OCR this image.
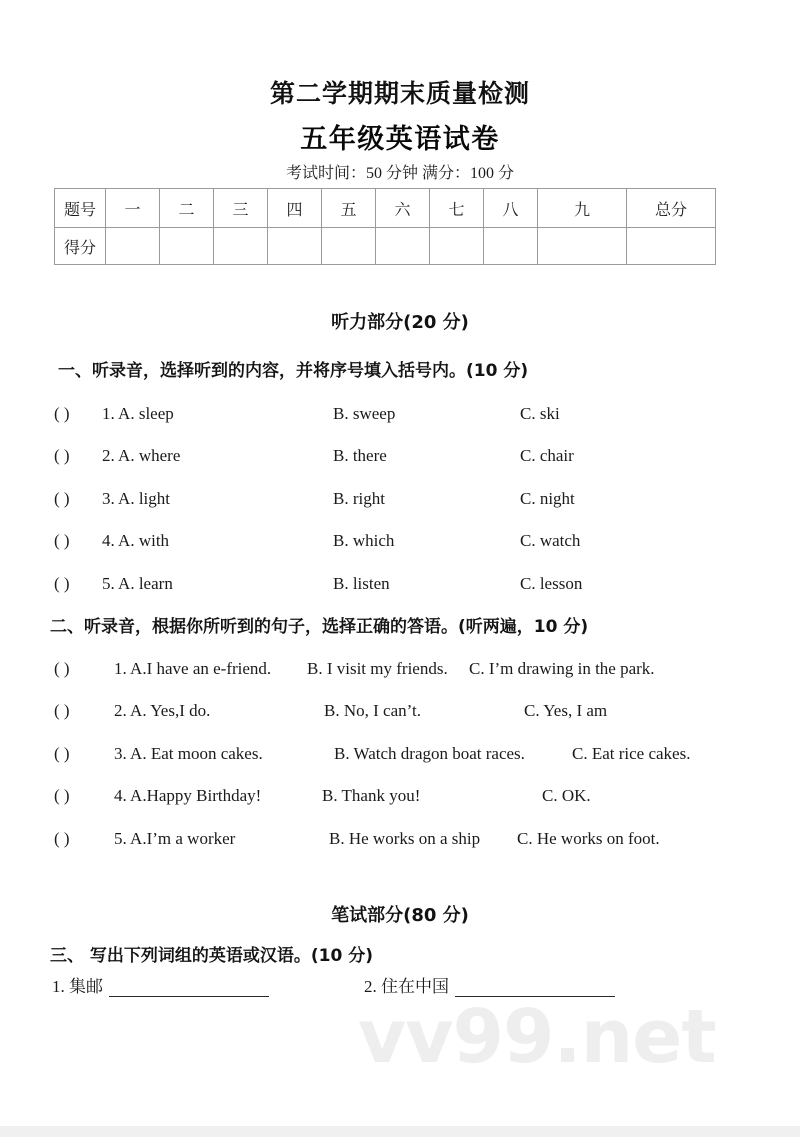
vv99.net
第二学期期末质量检测
五年级英语试卷
考试时间：50 分钟 满分：100 分
题号	一	二	三	四	五	六	七	八	九	总分
得分										
听力部分(20 分)
一、听录音，选择听到的内容，并将序号填入括号内。(10 分)
( ) 1. A. sleep	B. sweep	C. ski
( ) 2. A. where	B. there	C. chair
( ) 3. A. light	B. right	C. night
( ) 4. A. with	B. which	C. watch
( ) 5. A. learn	B. listen	C. lesson
二、听录音，根据你所听到的句子，选择正确的答语。(听两遍，10 分)
( )	1. A.I have an e-friend. B. I visit my friends. C. I’m drawing in the park.
( )	2. A. Yes,I do.	B. No, I can’t.	C. Yes, I am
( )	3. A. Eat moon cakes.	B. Watch dragon boat races.	C. Eat rice cakes.
( )	4. A.Happy Birthday!	B. Thank you!	C. OK.
( )	5. A.I’m a worker	B. He works on a ship C. He works on foot.
笔试部分(80 分)
三、 写出下列词组的英语或汉语。(10 分)
1. 集邮	2. 住在中国
